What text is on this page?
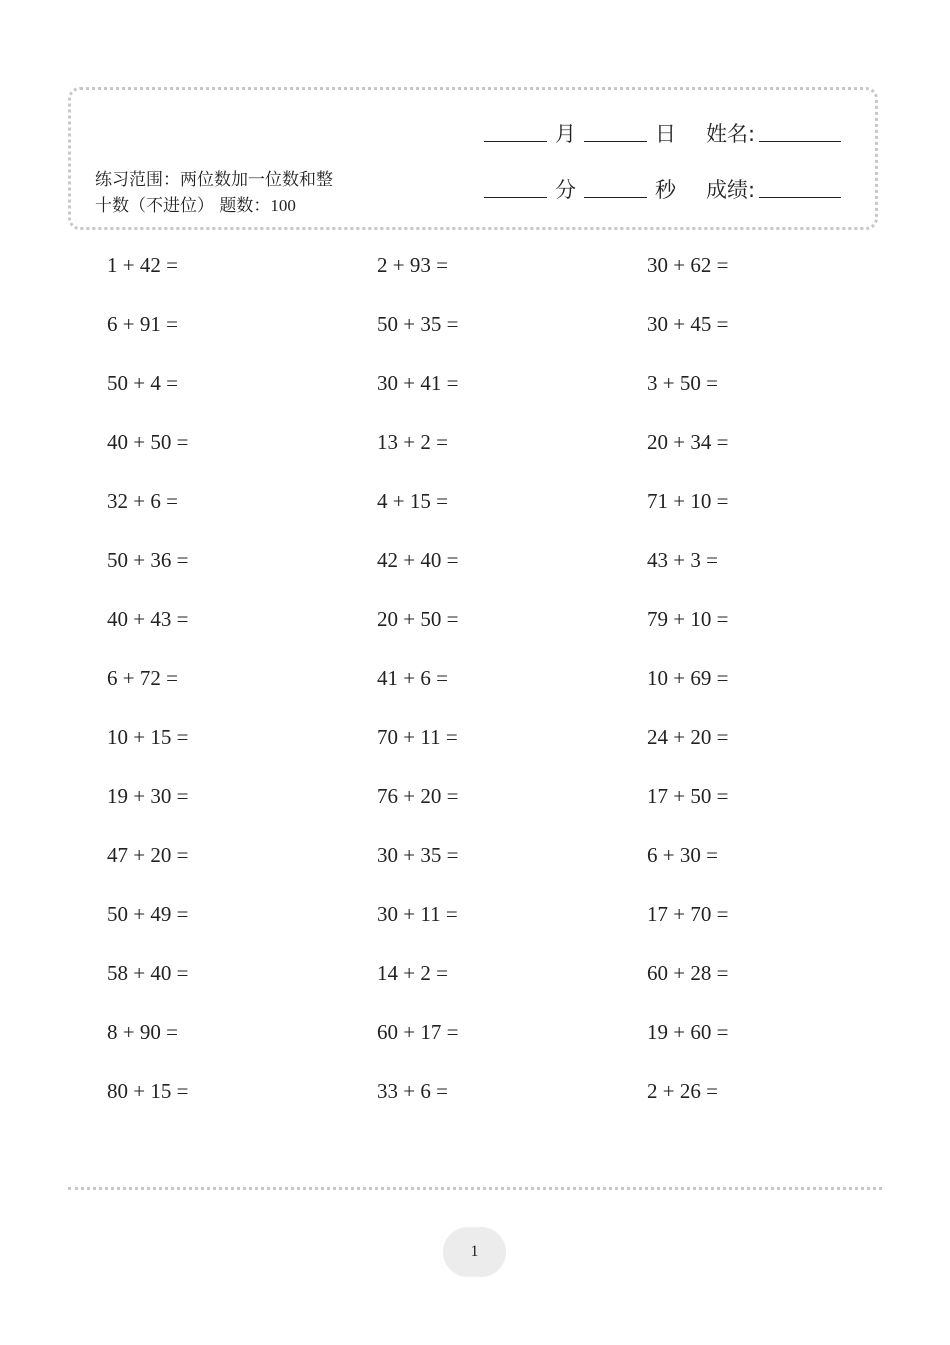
练习范围：两位数加一位数和整
十数（不进位） 题数：100
月	日 姓名:
分	秒 成绩:
1 + 42 =	2 + 93 =	30 + 62 =
6 + 91 =	50 + 35 =	30 + 45 =
50 + 4 =	30 + 41 =	3 + 50 =
40 + 50 =	13 + 2 =	20 + 34 =
32 + 6 =	4 + 15 =	71 + 10 =
50 + 36 =	42 + 40 =	43 + 3 =
40 + 43 =	20 + 50 =	79 + 10 =
6 + 72 =	41 + 6 =	10 + 69 =
10 + 15 =	70 + 11 =	24 + 20 =
19 + 30 =	76 + 20 =	17 + 50 =
47 + 20 =	30 + 35 =	6 + 30 =
50 + 49 =	30 + 11 =	17 + 70 =
58 + 40 =	14 + 2 =	60 + 28 =
8 + 90 =	60 + 17 =	19 + 60 =
80 + 15 =	33 + 6 =	2 + 26 =
1
